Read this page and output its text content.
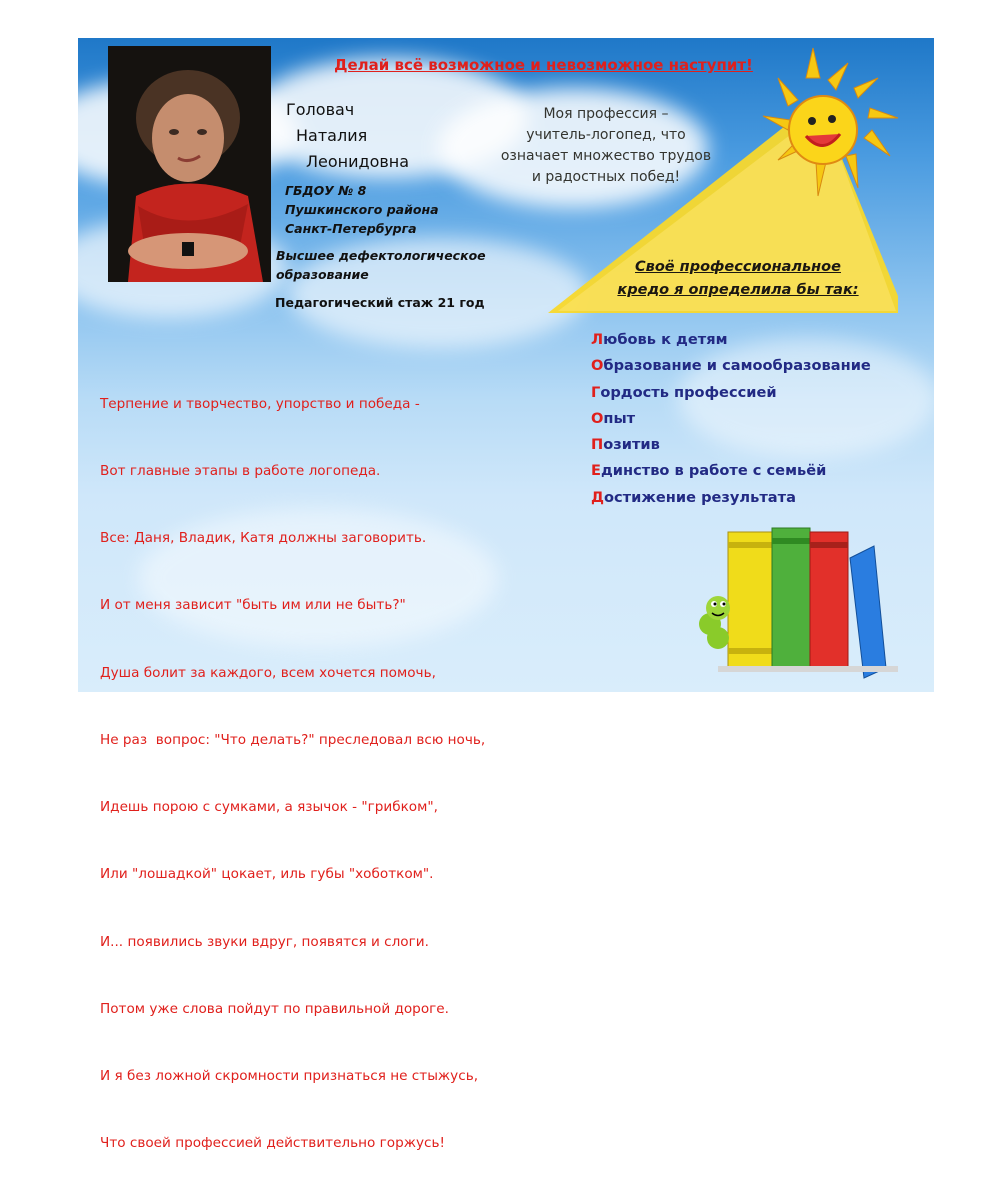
Делай всё возможное и невозможное наступит!
Головач
Наталия
Леонидовна
ГБДОУ № 8
Пушкинского района
Санкт-Петербурга
Высшее дефектологическое
образование
Педагогический стаж 21 год
Моя профессия –
учитель-логопед, что
означает множество трудов
и радостных побед!
Своё профессиональное
кредо я определила бы так:
Любовь к детям
Образование и самообразование
Гордость профессией
Опыт
Позитив
Единство в работе с семьёй
Достижение результата

Терпение и творчество, упорство и победа -

Вот главные этапы в работе логопеда.

Все: Даня, Владик, Катя должны заговорить.

И от меня зависит "быть им или не быть?"

Душа болит за каждого, всем хочется помочь,

Не раз  вопрос: "Что делать?" преследовал всю ночь,

Идешь порою с сумками, а язычок - "грибком",

Или "лошадкой" цокает, иль губы "хоботком".

И... появились звуки вдруг, появятся и слоги.

Потом уже слова пойдут по правильной дороге.

И я без ложной скромности признаться не стыжусь,

Что своей профессией действительно горжусь!
